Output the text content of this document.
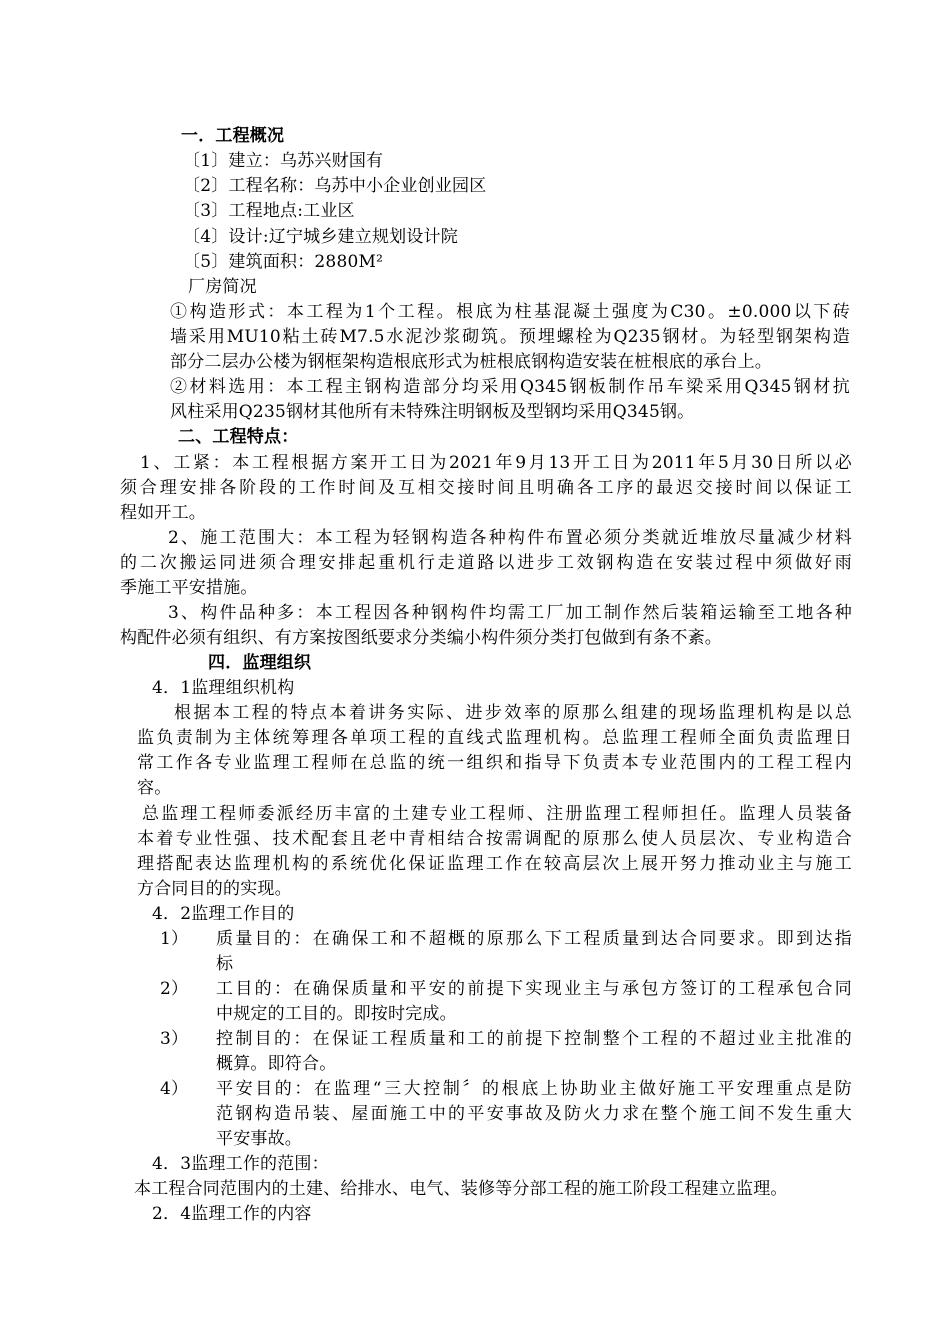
一．工程概况
〔1〕建立：乌苏兴财国有
〔2〕工程名称：乌苏中小企业创业园区
〔3〕工程地点:工业区
〔4〕设计:辽宁城乡建立规划设计院
〔5〕建筑面积：2880M²
厂房简况
①构造形式：本工程为1个工程。根底为柱基混凝土强度为C30。±0.000以下砖
墙采用MU10粘土砖M7.5水泥沙浆砌筑。预埋螺栓为Q235钢材。为轻型钢架构造
部分二层办公楼为钢框架构造根底形式为桩根底钢构造安装在桩根底的承台上。
②材料选用：本工程主钢构造部分均采用Q345钢板制作吊车梁采用Q345钢材抗
风柱采用Q235钢材其他所有未特殊注明钢板及型钢均采用Q345钢。
二、工程特点：
1、工紧：本工程根据方案开工日为2021年9月13开工日为2011年5月30日所以必
须合理安排各阶段的工作时间及互相交接时间且明确各工序的最迟交接时间以保证工
程如开工。
2、施工范围大：本工程为轻钢构造各种构件布置必须分类就近堆放尽量减少材料
的二次搬运同进须合理安排起重机行走道路以进步工效钢构造在安装过程中须做好雨
季施工平安措施。
3、构件品种多：本工程因各种钢构件均需工厂加工制作然后装箱运输至工地各种
构配件必须有组织、有方案按图纸要求分类编小构件须分类打包做到有条不紊。
四．监理组织
4．1监理组织机构
根据本工程的特点本着讲务实际、进步效率的原那么组建的现场监理机构是以总
监负责制为主体统筹理各单项工程的直线式监理机构。总监理工程师全面负责监理日
常工作各专业监理工程师在总监的统一组织和指导下负责本专业范围内的工程工程内
容。
总监理工程师委派经历丰富的土建专业工程师、注册监理工程师担任。监理人员装备
本着专业性强、技术配套且老中青相结合按需调配的原那么使人员层次、专业构造合
理搭配表达监理机构的系统优化保证监理工作在较高层次上展开努力推动业主与施工
方合同目的的实现。
4．2监理工作目的
1） 质量目的：在确保工和不超概的原那么下工程质量到达合同要求。即到达指
标
2） 工目的：在确保质量和平安的前提下实现业主与承包方签订的工程承包合同
中规定的工目的。即按时完成。
3） 控制目的：在保证工程质量和工的前提下控制整个工程的不超过业主批准的
概算。即符合。
4） 平安目的：在监理“三大控制〞的根底上协助业主做好施工平安理重点是防
范钢构造吊装、屋面施工中的平安事故及防火力求在整个施工间不发生重大
平安事故。
4．3监理工作的范围：
本工程合同范围内的土建、给排水、电气、装修等分部工程的施工阶段工程建立监理。
2．4监理工作的内容
